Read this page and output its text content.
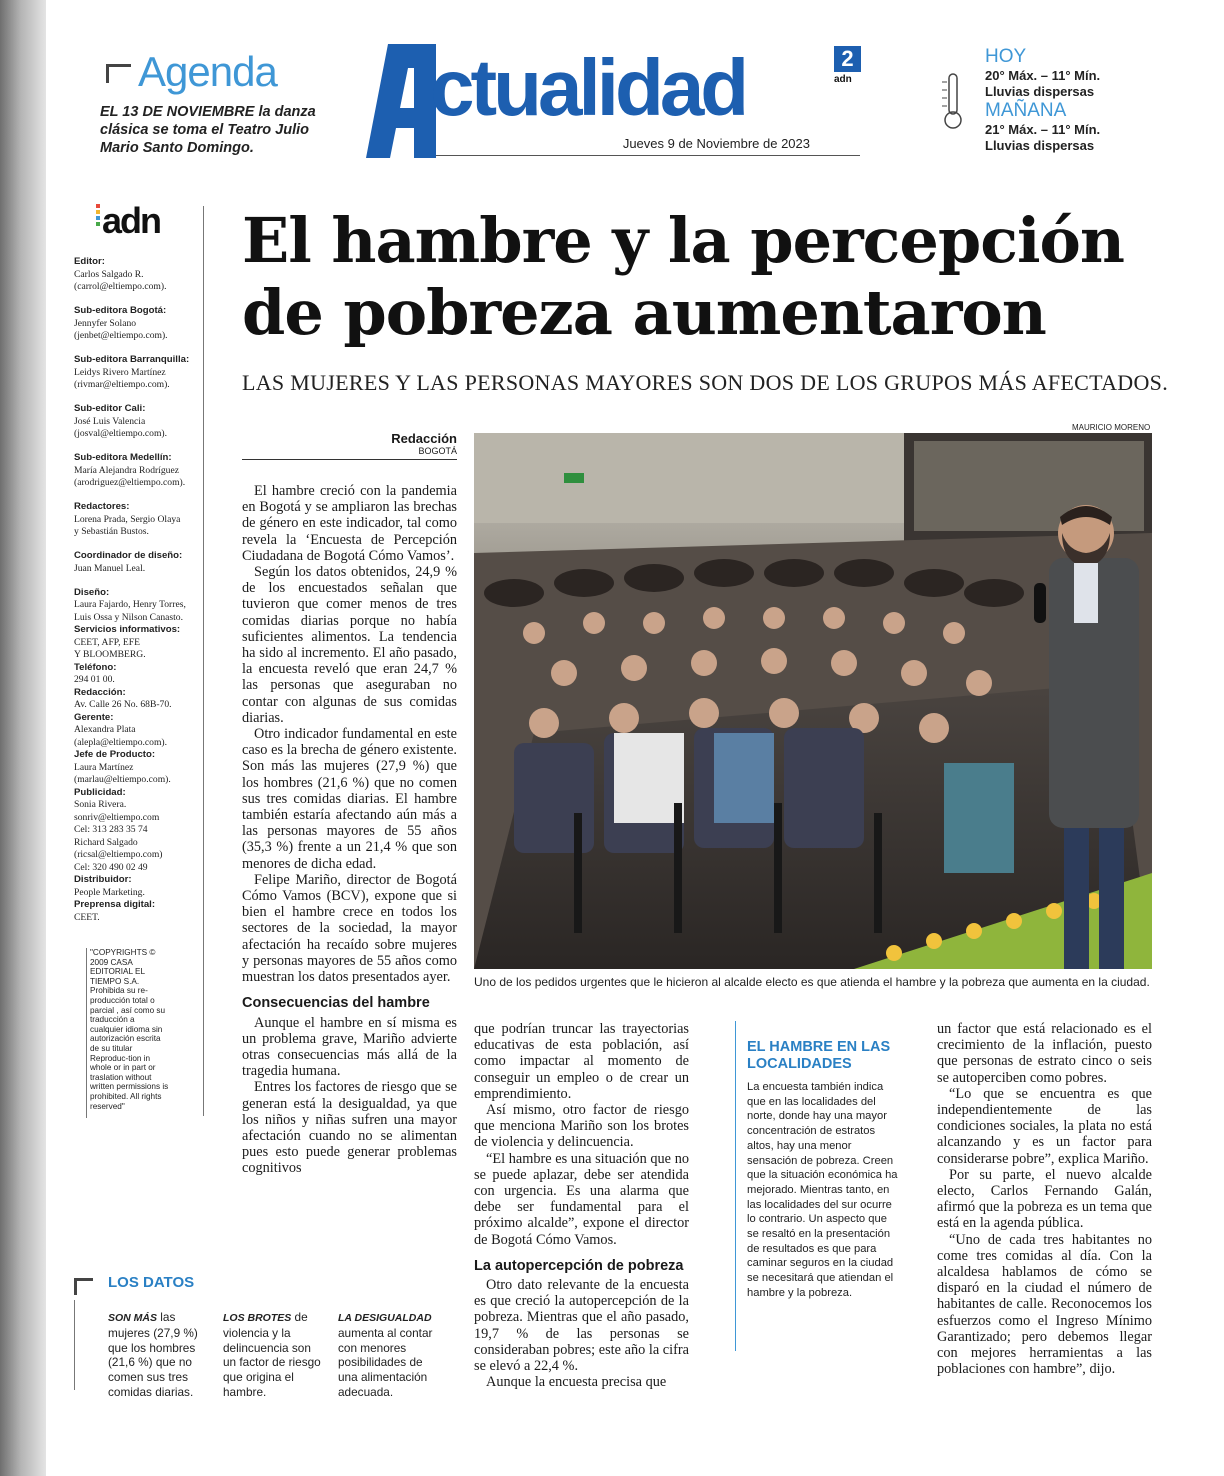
Agenda
EL 13 DE NOVIEMBRE la danza clásica se toma el Teatro Julio Mario Santo Domingo.
ctualidad	2
adn
Jueves 9 de Noviembre de 2023
HOY
20° Máx. – 11° Mín.
Lluvias dispersas
MAÑANA
21° Máx. – 11° Mín.
Lluvias dispersas
adn
Editor:
Carlos Salgado R.
(carrol@eltiempo.com).
Sub-editora Bogotá:
Jennyfer Solano
(jenbet@eltiempo.com).
Sub-editora Barranquilla:
Leidys Rivero Martínez
(rivmar@eltiempo.com).
Sub-editor Cali:
José Luis Valencia
(josval@eltiempo.com).
Sub-editora Medellín:
María Alejandra Rodríguez
(arodriguez@eltiempo.com).
Redactores:
Lorena Prada, Sergio Olaya
y Sebastián Bustos.
Coordinador de diseño:
Juan Manuel Leal.
Diseño:
Laura Fajardo, Henry Torres,
Luis Ossa y Nilson Canasto.
Servicios informativos:
CEET, AFP, EFE
Y BLOOMBERG.
Teléfono:
294 01 00.
Redacción:
Av. Calle 26 No. 68B-70.
Gerente:
Alexandra Plata
(alepla@eltiempo.com).
Jefe de Producto:
Laura Martínez
(marlau@eltiempo.com).
Publicidad:
Sonia Rivera.
sonriv@eltiempo.com
Cel: 313 283 35 74
Richard Salgado
(ricsal@eltiempo.com)
Cel: 320 490 02 49
Distribuidor:
People Marketing.
Preprensa digital:
CEET.
"COPYRIGHTS © 2009 CASA EDITORIAL EL TIEMPO S.A. Prohibida su re-producción total o parcial , así como su traducción a cualquier idioma sin autorización escrita de su titular Reproduc-tion in whole or in part or traslation without written permissions is prohibited. All rights reserved"
El hambre y la percepción
de pobreza aumentaron
LAS MUJERES Y LAS PERSONAS MAYORES SON DOS DE LOS GRUPOS MÁS AFECTADOS.
MAURICIO MORENO
Redacción
BOGOTÁ
Uno de los pedidos urgentes que le hicieron al alcalde electo es que atienda el hambre y la pobreza que aumenta en la ciudad.

El hambre creció con la pandemia en Bogotá y se ampliaron las brechas de género en este indicador, tal como revela la ‘Encuesta de Percepción Ciudadana de Bogotá Cómo Vamos’.

Según los datos obtenidos, 24,9 % de los encuestados señalan que tuvieron que comer menos de tres comidas diarias porque no había suficientes alimentos. La tendencia ha sido al incremento. El año pasado, la encuesta reveló que eran 24,7 % las personas que aseguraban no contar con algunas de sus comidas diarias.

Otro indicador fundamental en este caso es la brecha de género existente. Son más las mujeres (27,9 %) que los hombres (21,6 %) que no comen sus tres comidas diarias. El hambre también estaría afectando aún más a las personas mayores de 55 años (35,3 %) frente a un 21,4 % que son menores de dicha edad.

Felipe Mariño, director de Bogotá Cómo Vamos (BCV), expone que si bien el hambre crece en todos los sectores de la sociedad, la mayor afectación ha recaído sobre mujeres y personas mayores de 55 años como muestran los datos presentados ayer.

Consecuencias del hambre

Aunque el hambre en sí misma es un problema grave, Mariño advierte otras consecuencias más allá de la tragedia humana.

Entres los factores de riesgo que se generan está la desigualdad, ya que los niños y niñas sufren una mayor afectación cuando no se alimentan pues esto puede generar problemas cognitivos

que podrían truncar las trayectorias educativas de esta población, así como impactar al momento de conseguir un empleo o de crear un emprendimiento.

Así mismo, otro factor de riesgo que menciona Mariño son los brotes de violencia y delincuencia.

“El hambre es una situación que no se puede aplazar, debe ser atendida con urgencia. Es una alarma que debe ser fundamental para el próximo alcalde”, expone el director de Bogotá Cómo Vamos.

La autopercepción de pobreza

Otro dato relevante de la encuesta es que creció la autopercepción de la pobreza. Mientras que el año pasado, 19,7 % de las personas se consideraban pobres; este año la cifra se elevó a 22,4 %.

Aunque la encuesta precisa que

EL HAMBRE EN LAS LOCALIDADES
La encuesta también indica que en las localidades del norte, donde hay una mayor concentración de estratos altos, hay una menor sensación de pobreza. Creen que la situación económica ha mejorado. Mientras tanto, en las localidades del sur ocurre lo contrario. Un aspecto que se resaltó en la presentación de resultados es que para caminar seguros en la ciudad se necesitará que atiendan el hambre y la pobreza.

un factor que está relacionado es el crecimiento de la inflación, puesto que personas de estrato cinco o seis se autoperciben como pobres.

“Lo que se encuentra es que independientemente de las condiciones sociales, la plata no está alcanzando y es un factor para considerarse pobre”, explica Mariño.

Por su parte, el nuevo alcalde electo, Carlos Fernando Galán, afirmó que la pobreza es un tema que está en la agenda pública.

“Uno de cada tres habitantes no come tres comidas al día. Con la alcaldesa hablamos de cómo se disparó en la ciudad el número de habitantes de calle. Reconocemos los esfuerzos como el Ingreso Mínimo Garantizado; pero debemos llegar con mejores herramientas a las poblaciones con hambre”, dijo.

LOS DATOS
SON MÁS las mujeres (27,9 %) que los hombres (21,6 %) que no comen sus tres comidas diarias.
LOS BROTES de violencia y la delincuencia son un factor de riesgo que origina el hambre.
LA DESIGUALDAD aumenta al contar con menores posibilidades de una alimentación adecuada.
